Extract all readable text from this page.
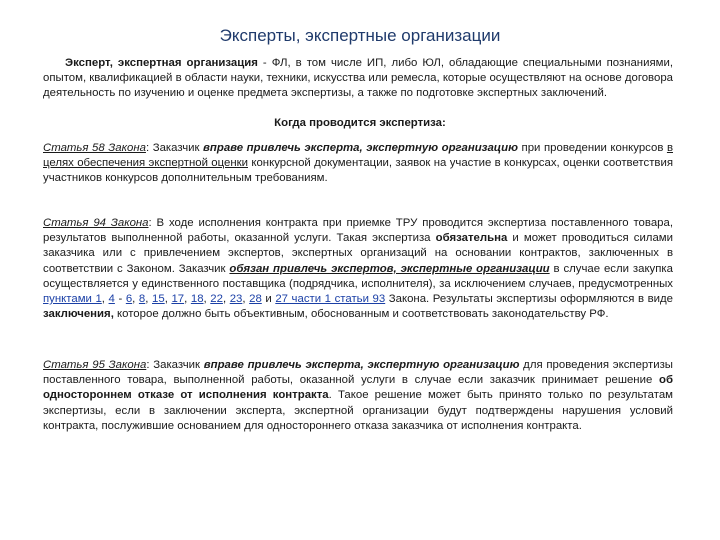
Эксперты, экспертные организации
Эксперт, экспертная организация - ФЛ, в том числе ИП, либо ЮЛ, обладающие специальными познаниями, опытом, квалификацией в области науки, техники, искусства или ремесла, которые осуществляют на основе договора деятельность по изучению и оценке предмета экспертизы, а также по подготовке экспертных заключений.
Когда проводится экспертиза:
Статья 58 Закона: Заказчик вправе привлечь эксперта, экспертную организацию при проведении конкурсов в целях обеспечения экспертной оценки конкурсной документации, заявок на участие в конкурсах, оценки соответствия участников конкурсов дополнительным требованиям.
Статья 94 Закона: В ходе исполнения контракта при приемке ТРУ проводится экспертиза поставленного товара, результатов выполненной работы, оказанной услуги. Такая экспертиза обязательна и может проводиться силами заказчика или с привлечением экспертов, экспертных организаций на основании контрактов, заключенных в соответствии с Законом. Заказчик обязан привлечь экспертов, экспертные организации в случае если закупка осуществляется у единственного поставщика (подрядчика, исполнителя), за исключением случаев, предусмотренных пунктами 1, 4 - 6, 8, 15, 17, 18, 22, 23, 28 и 27 части 1 статьи 93 Закона. Результаты экспертизы оформляются в виде заключения, которое должно быть объективным, обоснованным и соответствовать законодательству РФ.
Статья 95 Закона: Заказчик вправе привлечь эксперта, экспертную организацию для проведения экспертизы поставленного товара, выполненной работы, оказанной услуги в случае если заказчик принимает решение об одностороннем отказе от исполнения контракта. Такое решение может быть принято только по результатам экспертизы, если в заключении эксперта, экспертной организации будут подтверждены нарушения условий контракта, послужившие основанием для одностороннего отказа заказчика от исполнения контракта.
